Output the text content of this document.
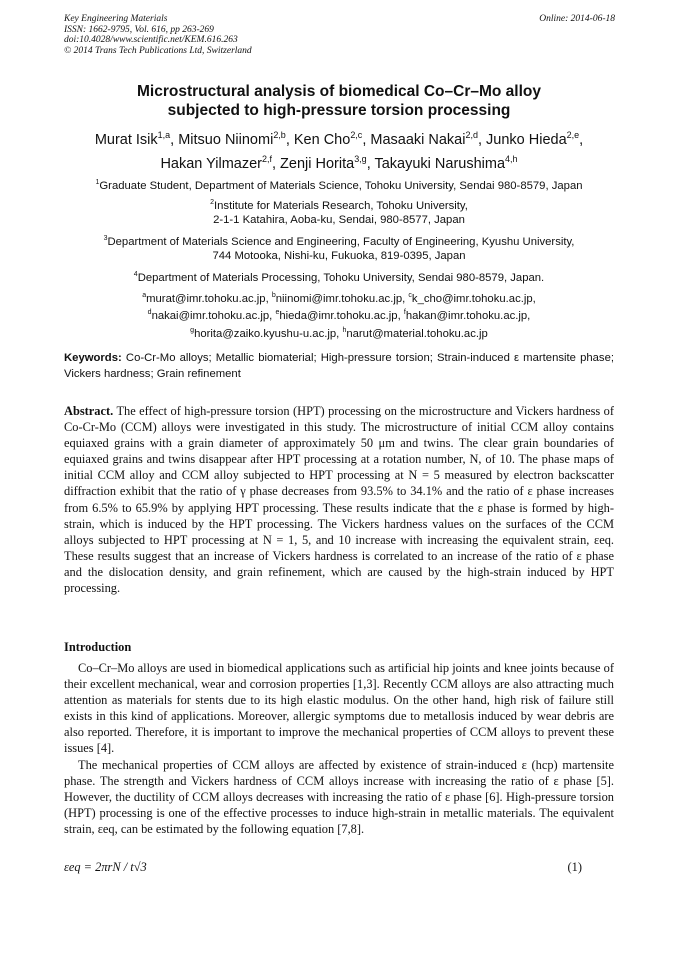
Key Engineering Materials
ISSN: 1662-9795, Vol. 616, pp 263-269
doi:10.4028/www.scientific.net/KEM.616.263
© 2014 Trans Tech Publications Ltd, Switzerland
Online: 2014-06-18
Microstructural analysis of biomedical Co–Cr–Mo alloy
subjected to high-pressure torsion processing
Murat Isik$^{1,a}$, Mitsuo Niinomi$^{2,b}$, Ken Cho$^{2,c}$, Masaaki Nakai$^{2,d}$, Junko Hieda$^{2,e}$,
Hakan Yilmazer$^{2,f}$, Zenji Horita$^{3,g}$, Takayuki Narushima$^{4,h}$
$^1$Graduate Student, Department of Materials Science, Tohoku University, Sendai 980-8579, Japan
$^2$Institute for Materials Research, Tohoku University,
2-1-1 Katahira, Aoba-ku, Sendai, 980-8577, Japan
$^3$Department of Materials Science and Engineering, Faculty of Engineering, Kyushu University,
744 Motooka, Nishi-ku, Fukuoka, 819-0395, Japan
$^4$Department of Materials Processing, Tohoku University, Sendai 980-8579, Japan.
$^a$murat@imr.tohoku.ac.jp, $^b$niinomi@imr.tohoku.ac.jp, $^c$k_cho@imr.tohoku.ac.jp,
$^d$nakai@imr.tohoku.ac.jp, $^e$hieda@imr.tohoku.ac.jp, $^f$hakan@imr.tohoku.ac.jp,
$^g$horita@zaiko.kyushu-u.ac.jp, $^h$narut@material.tohoku.ac.jp
Keywords: Co-Cr-Mo alloys; Metallic biomaterial; High-pressure torsion; Strain-induced ε martensite phase; Vickers hardness; Grain refinement
Abstract. The effect of high-pressure torsion (HPT) processing on the microstructure and Vickers hardness of Co-Cr-Mo (CCM) alloys were investigated in this study. The microstructure of initial CCM alloy contains equiaxed grains with a grain diameter of approximately 50 μm and twins. The clear grain boundaries of equiaxed grains and twins disappear after HPT processing at a rotation number, N, of 10. The phase maps of initial CCM alloy and CCM alloy subjected to HPT processing at N = 5 measured by electron backscatter diffraction exhibit that the ratio of γ phase decreases from 93.5% to 34.1% and the ratio of ε phase increases from 6.5% to 65.9% by applying HPT processing. These results indicate that the ε phase is formed by high-strain, which is induced by the HPT processing. The Vickers hardness values on the surfaces of the CCM alloys subjected to HPT processing at N = 1, 5, and 10 increase with increasing the equivalent strain, εeq. These results suggest that an increase of Vickers hardness is correlated to an increase of the ratio of ε phase and the dislocation density, and grain refinement, which are caused by the high-strain induced by HPT processing.
Introduction
Co–Cr–Mo alloys are used in biomedical applications such as artificial hip joints and knee joints because of their excellent mechanical, wear and corrosion properties [1,3]. Recently CCM alloys are also attracting much attention as materials for stents due to its high elastic modulus. On the other hand, high risk of failure still exists in this kind of applications. Moreover, allergic symptoms due to metallosis induced by wear debris are also reported. Therefore, it is important to improve the mechanical properties of CCM alloys to prevent these issues [4].
The mechanical properties of CCM alloys are affected by existence of strain-induced ε (hcp) martensite phase. The strength and Vickers hardness of CCM alloys increase with increasing the ratio of ε phase [5]. However, the ductility of CCM alloys decreases with increasing the ratio of ε phase [6]. High-pressure torsion (HPT) processing is one of the effective processes to induce high-strain in metallic materials. The equivalent strain, εeq, can be estimated by the following equation [7,8].
εeq = 2πrN / t√3	(1)
